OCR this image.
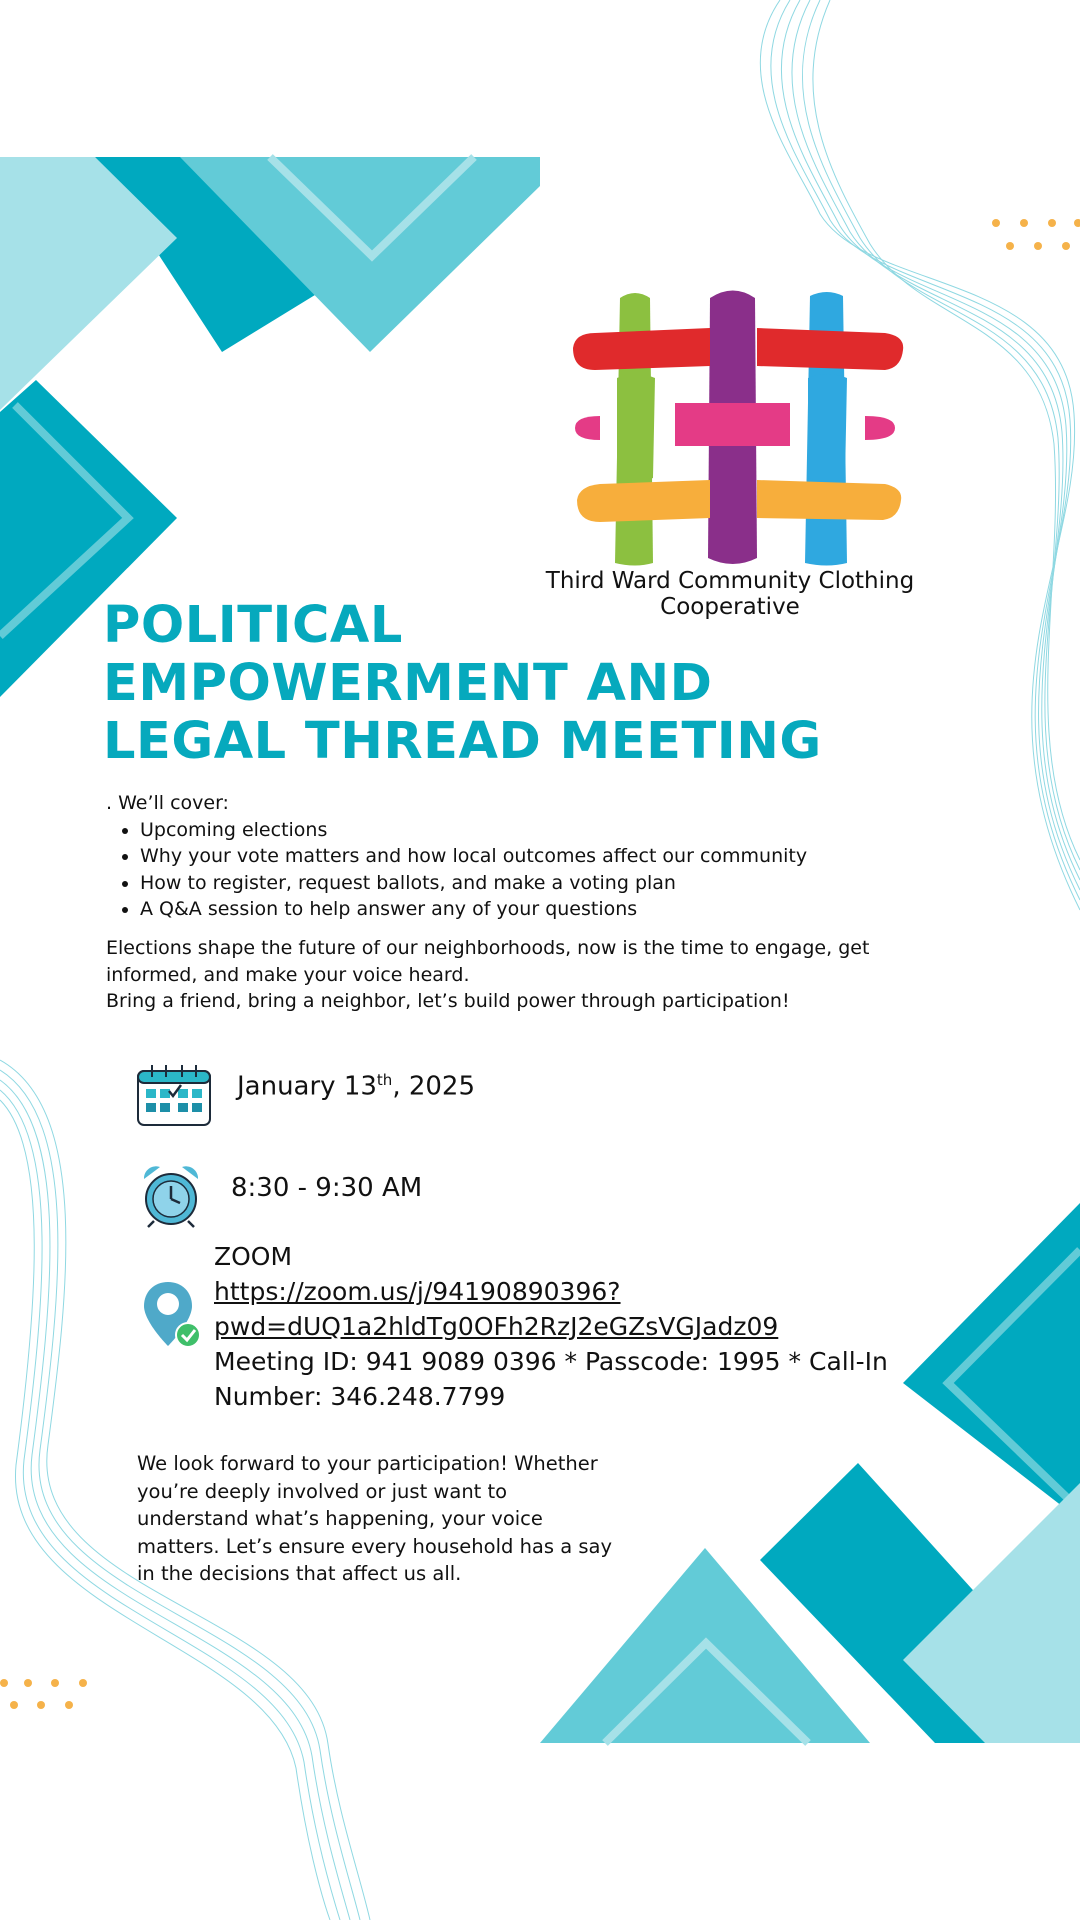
Third Ward Community Clothing Cooperative
POLITICAL
EMPOWERMENT AND
LEGAL THREAD MEETING
. We’ll cover:
• Upcoming elections
• Why your vote matters and how local outcomes affect our community
• How to register, request ballots, and make a voting plan
• A Q&A session to help answer any of your questions
Elections shape the future of our neighborhoods, now is the time to engage, get informed, and make your voice heard.
Bring a friend, bring a neighbor, let’s build power through participation!
January 13th, 2025
8:30 - 9:30 AM
ZOOM
https://zoom.us/j/94190890396?
pwd=dUQ1a2hldTg0OFh2RzJ2eGZsVGJadz09
Meeting ID: 941 9089 0396 * Passcode: 1995 * Call-In Number: 346.248.7799
We look forward to your participation! Whether you’re deeply involved or just want to understand what’s happening, your voice matters. Let’s ensure every household has a say in the decisions that affect us all.
